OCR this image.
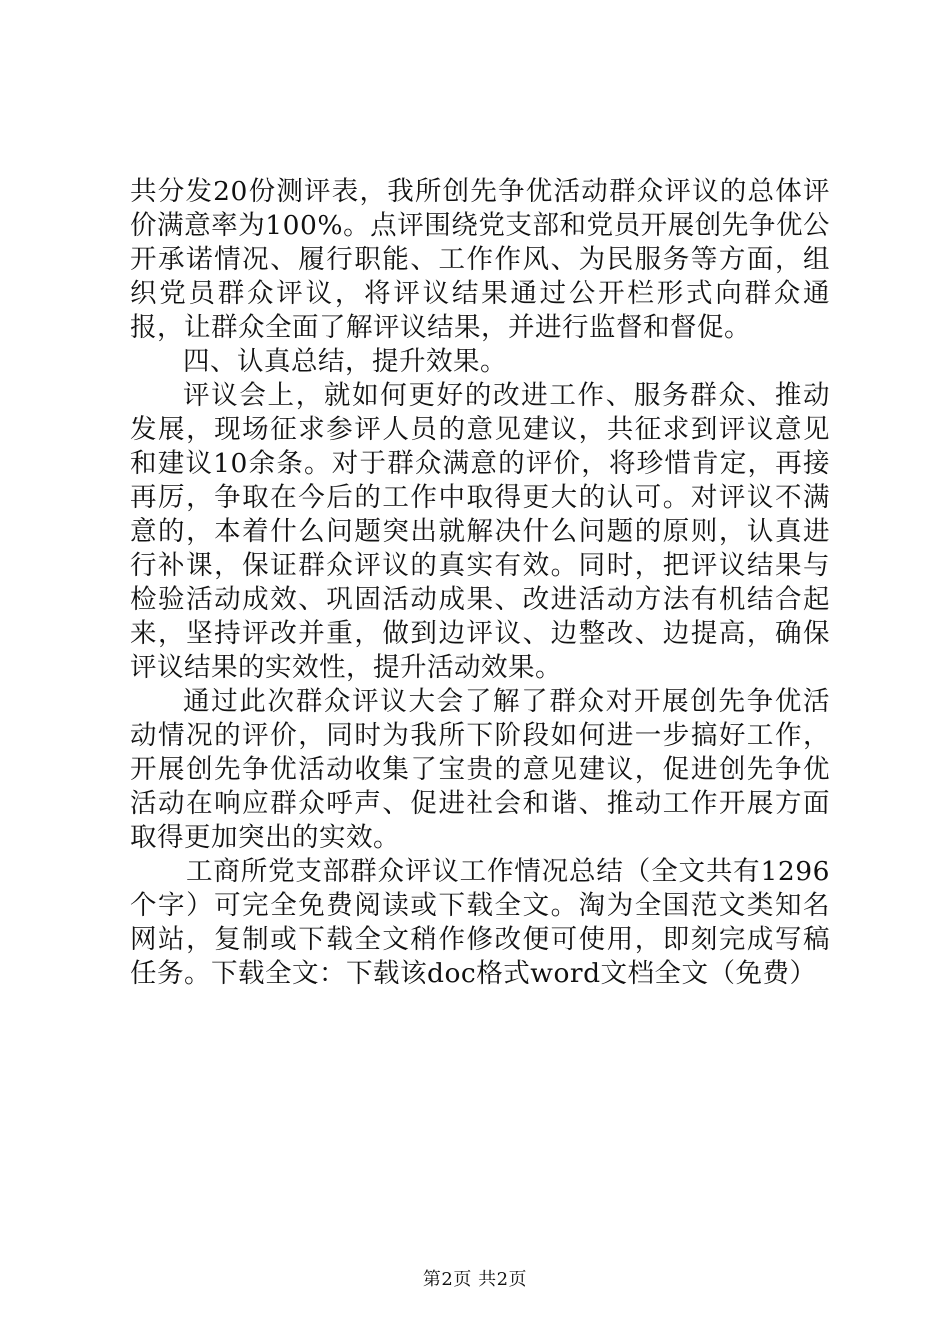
共分发20份测评表，我所创先争优活动群众评议的总体评价满意率为100%。点评围绕党支部和党员开展创先争优公开承诺情况、履行职能、工作作风、为民服务等方面，组织党员群众评议，将评议结果通过公开栏形式向群众通报，让群众全面了解评议结果，并进行监督和督促。

四、认真总结，提升效果。

评议会上，就如何更好的改进工作、服务群众、推动发展，现场征求参评人员的意见建议，共征求到评议意见和建议10余条。对于群众满意的评价，将珍惜肯定，再接再厉，争取在今后的工作中取得更大的认可。对评议不满意的，本着什么问题突出就解决什么问题的原则，认真进行补课，保证群众评议的真实有效。同时，把评议结果与检验活动成效、巩固活动成果、改进活动方法有机结合起来，坚持评改并重，做到边评议、边整改、边提高，确保评议结果的实效性，提升活动效果。

通过此次群众评议大会了解了群众对开展创先争优活动情况的评价，同时为我所下阶段如何进一步搞好工作，开展创先争优活动收集了宝贵的意见建议，促进创先争优活动在响应群众呼声、促进社会和谐、推动工作开展方面取得更加突出的实效。

工商所党支部群众评议工作情况总结（全文共有1296个字）可完全免费阅读或下载全文。淘为全国范文类知名网站，复制或下载全文稍作修改便可使用，即刻完成写稿任务。下载全文：下载该doc格式word文档全文（免费）

第2页 共2页
